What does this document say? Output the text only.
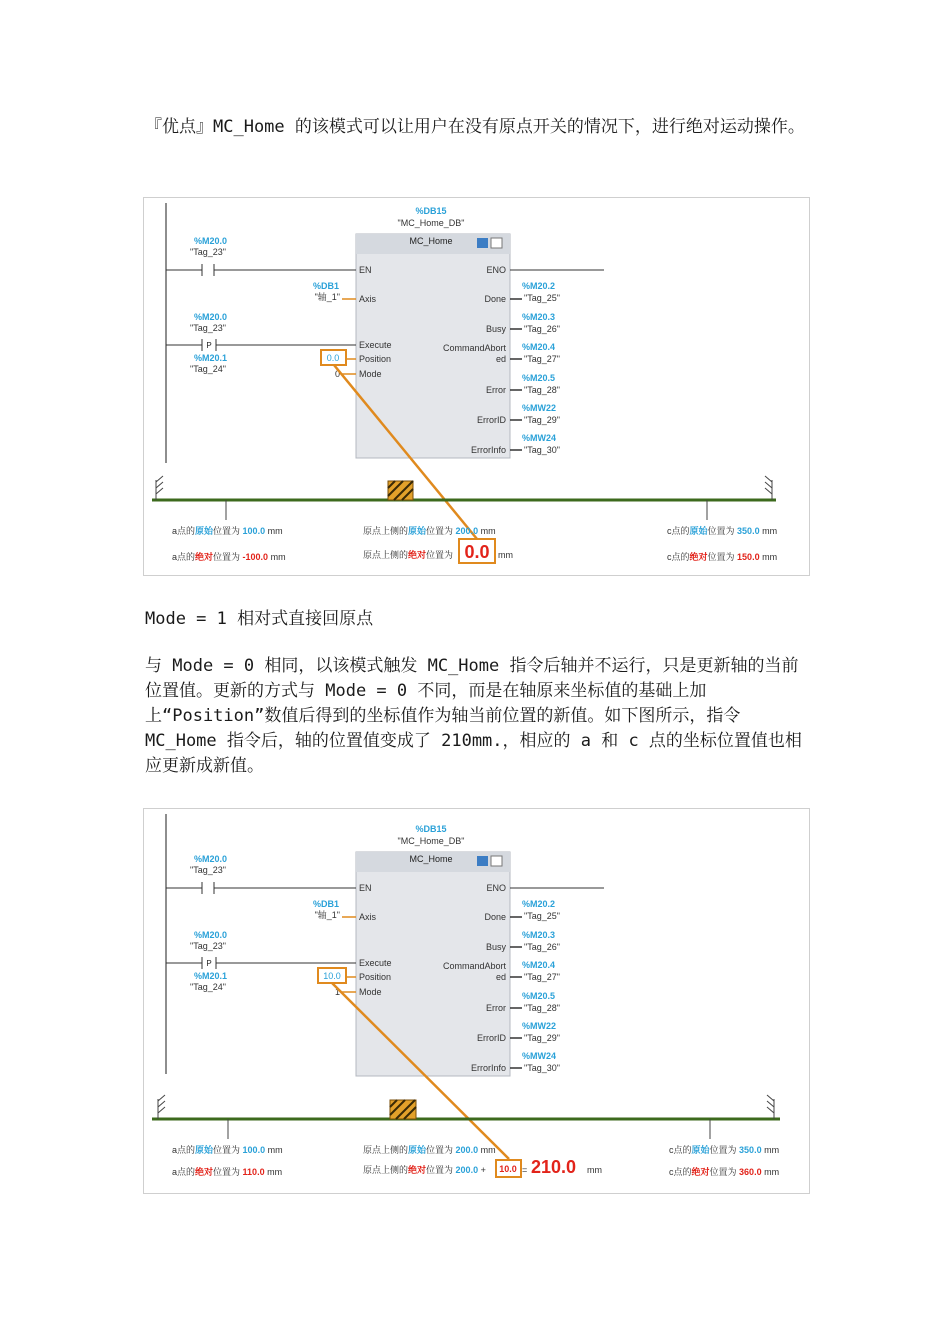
『优点』MC_Home 的该模式可以让用户在没有原点开关的情况下，进行绝对运动操作。

%DB15
"MC_Home_DB"
MC_Home
%M20.0
"Tag_23"
EN	ENO
%DB1
"轴_1" Axis
%M20.0
"Tag_23"
P	Execute
%M20.1
"Tag_24"
0.0 Position
0 Mode
Done
Busy
CommandAbort
ed
Error
ErrorID
ErrorInfo
%M20.2
"Tag_25"
%M20.3
"Tag_26"
%M20.4
"Tag_27"
%M20.5
"Tag_28"
%MW22
"Tag_29"
%MW24
"Tag_30"
a点的原始位置为 100.0 mm
a点的绝对位置为 -100.0 mm
原点上侧的原始位置为 200.0 mm
原点上侧的绝对位置为 0.0 mm
c点的原始位置为 350.0 mm
c点的绝对位置为 150.0 mm

Mode = 1 相对式直接回原点

与 Mode = 0 相同，以该模式触发 MC_Home 指令后轴并不运行，只是更新轴的当前位置值。更新的方式与 Mode = 0 不同，而是在轴原来坐标值的基础上加上“Position”数值后得到的坐标值作为轴当前位置的新值。如下图所示，指令 MC_Home 指令后，轴的位置值变成了 210mm.，相应的 a 和 c 点的坐标位置值也相应更新成新值。

%DB15
"MC_Home_DB"
MC_Home
%M20.0
"Tag_23"
EN	ENO
%DB1
"轴_1" Axis
%M20.0
"Tag_23"
P	Execute
%M20.1
"Tag_24"
10.0 Position
1 Mode
Done
Busy
CommandAbort
ed
Error
ErrorID
ErrorInfo
%M20.2
"Tag_25"
%M20.3
"Tag_26"
%M20.4
"Tag_27"
%M20.5
"Tag_28"
%MW22
"Tag_29"
%MW24
"Tag_30"
a点的原始位置为 100.0 mm
a点的绝对位置为 110.0 mm
原点上侧的原始位置为 200.0 mm
原点上侧的绝对位置为 200.0 + 10.0 = 210.0 mm
c点的原始位置为 350.0 mm
c点的绝对位置为 360.0 mm
